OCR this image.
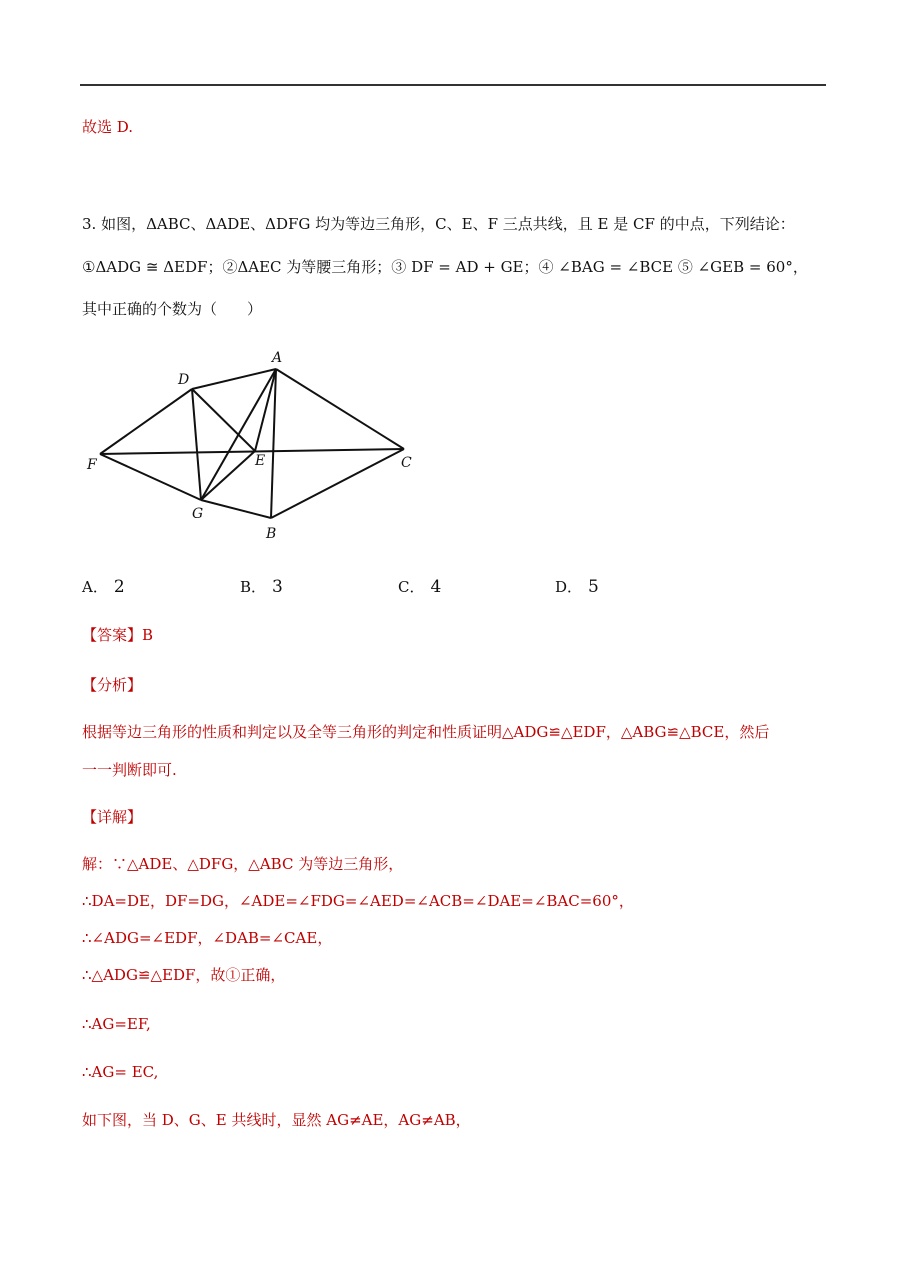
故选 D.
3. 如图，ΔABC、ΔADE、ΔDFG 均为等边三角形，C、E、F 三点共线，且 E 是 CF 的中点，下列结论：
①ΔADG ≅ ΔEDF；②ΔAEC 为等腰三角形；③ DF = AD + GE；④ ∠BAG = ∠BCE ⑤ ∠GEB = 60°，
其中正确的个数为（　　）
A
D
F	E	C
G
B
A． 2	B． 3	C． 4	D． 5
【答案】B
【分析】
根据等边三角形的性质和判定以及全等三角形的判定和性质证明△ADG≌△EDF，△ABG≌△BCE，然后
一一判断即可.
【详解】
解：∵△ADE、△DFG，△ABC 为等边三角形，
∴DA=DE，DF=DG，∠ADE=∠FDG=∠AED=∠ACB=∠DAE=∠BAC=60°，
∴∠ADG=∠EDF，∠DAB=∠CAE，
∴△ADG≌△EDF，故①正确，
∴AG=EF,
∴AG= EC,
如下图，当 D、G、E 共线时，显然 AG≠AE，AG≠AB，
